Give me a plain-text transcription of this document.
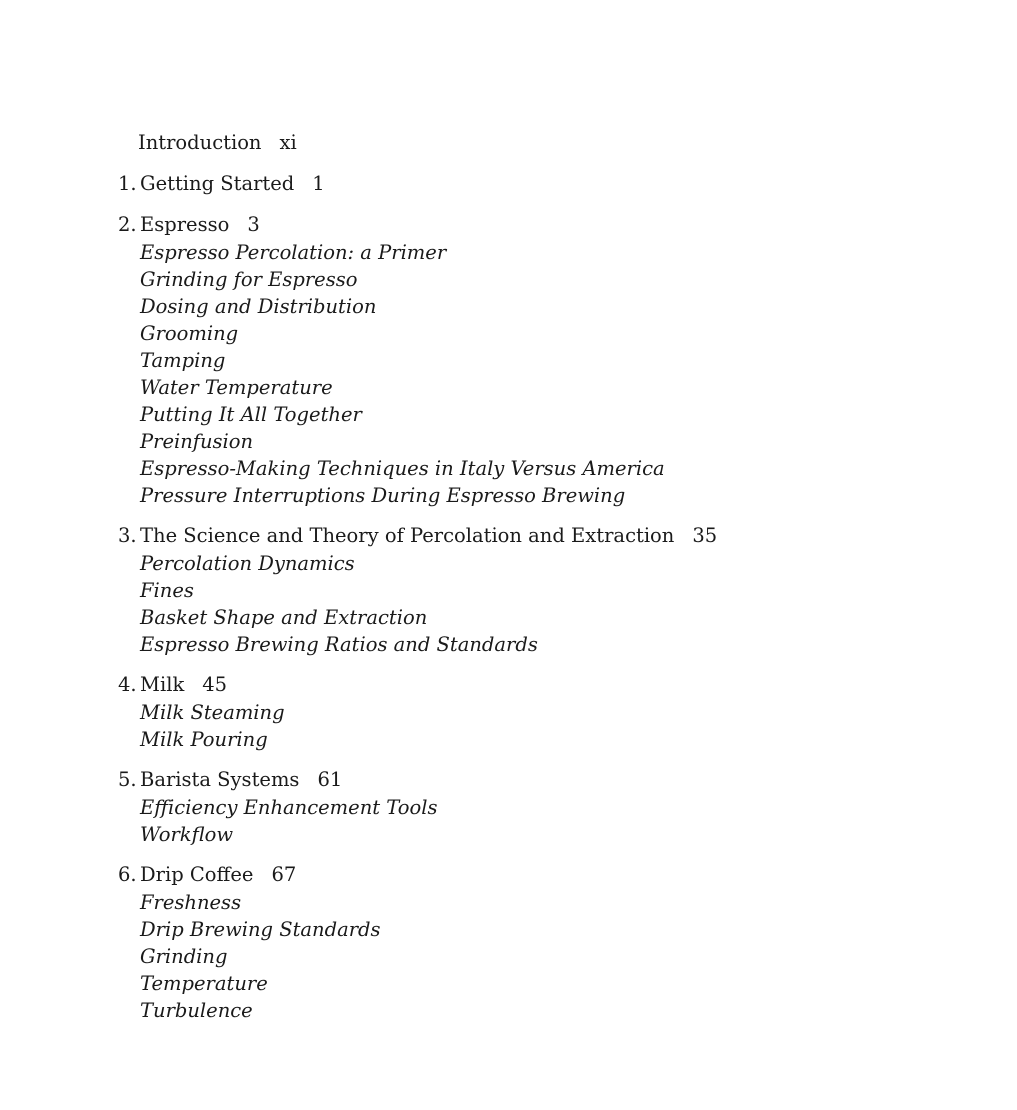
Introduction xi
1. Getting Started 1
2. Espresso 3
Espresso Percolation: a Primer
Grinding for Espresso
Dosing and Distribution
Grooming
Tamping
Water Temperature
Putting It All Together
Preinfusion
Espresso-Making Techniques in Italy Versus America
Pressure Interruptions During Espresso Brewing
3. The Science and Theory of Percolation and Extraction 35
Percolation Dynamics
Fines
Basket Shape and Extraction
Espresso Brewing Ratios and Standards
4. Milk 45
Milk Steaming
Milk Pouring
5. Barista Systems 61
Efficiency Enhancement Tools
Workflow
6. Drip Coffee 67
Freshness
Drip Brewing Standards
Grinding
Temperature
Turbulence
